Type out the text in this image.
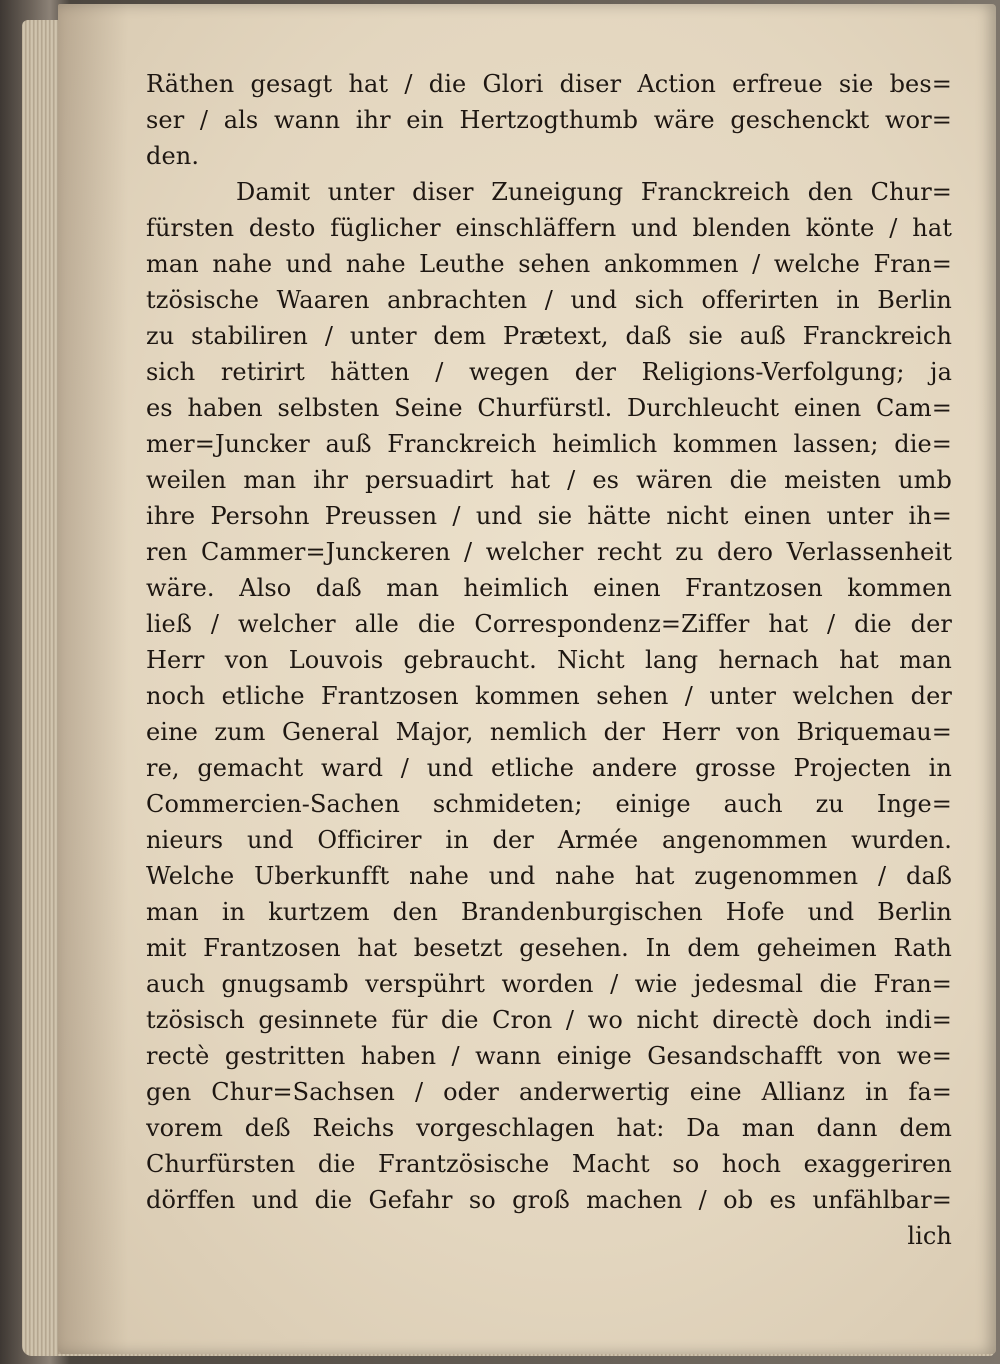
Räthen gesagt hat / die Glori diser Action erfreue sie bes=
ser / als wann ihr ein Hertzogthumb wäre geschenckt wor=
den.
Damit unter diser Zuneigung Franckreich den Chur=
fürsten desto füglicher einschläffern und blenden könte / hat
man nahe und nahe Leuthe sehen ankommen / welche Fran=
tzösische Waaren anbrachten / und sich offerirten in Berlin
zu stabiliren / unter dem Prætext, daß sie auß Franckreich
sich retirirt hätten / wegen der Religions-Verfolgung; ja
es haben selbsten Seine Churfürstl. Durchleucht einen Cam=
mer=Juncker auß Franckreich heimlich kommen lassen; die=
weilen man ihr persuadirt hat / es wären die meisten umb
ihre Persohn Preussen / und sie hätte nicht einen unter ih=
ren Cammer=Junckeren / welcher recht zu dero Verlassenheit
wäre. Also daß man heimlich einen Frantzosen kommen
ließ / welcher alle die Correspondenz=Ziffer hat / die der
Herr von Louvois gebraucht. Nicht lang hernach hat man
noch etliche Frantzosen kommen sehen / unter welchen der
eine zum General Major, nemlich der Herr von Briquemau=
re, gemacht ward / und etliche andere grosse Projecten in
Commercien-Sachen schmideten; einige auch zu Inge=
nieurs und Officirer in der Armée angenommen wurden.
Welche Uberkunfft nahe und nahe hat zugenommen / daß
man in kurtzem den Brandenburgischen Hofe und Berlin
mit Frantzosen hat besetzt gesehen. In dem geheimen Rath
auch gnugsamb verspührt worden / wie jedesmal die Fran=
tzösisch gesinnete für die Cron / wo nicht directè doch indi=
rectè gestritten haben / wann einige Gesandschafft von we=
gen Chur=Sachsen / oder anderwertig eine Allianz in fa=
vorem deß Reichs vorgeschlagen hat: Da man dann dem
Churfürsten die Frantzösische Macht so hoch exaggeriren
dörffen und die Gefahr so groß machen / ob es unfählbar=
lich
